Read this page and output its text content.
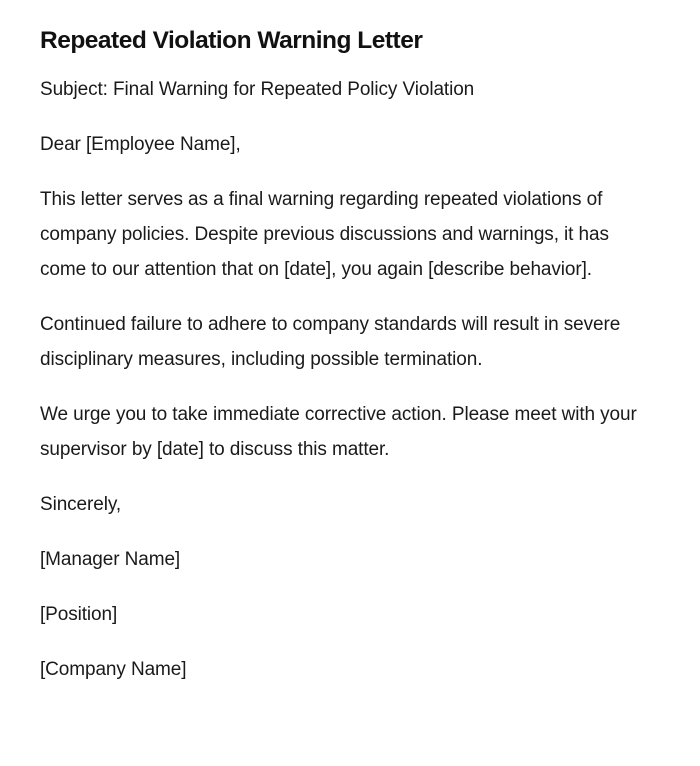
Repeated Violation Warning Letter

Subject: Final Warning for Repeated Policy Violation

Dear [Employee Name],

This letter serves as a final warning regarding repeated violations of company policies. Despite previous discussions and warnings, it has come to our attention that on [date], you again [describe behavior].

Continued failure to adhere to company standards will result in severe disciplinary measures, including possible termination.

We urge you to take immediate corrective action. Please meet with your supervisor by [date] to discuss this matter.

Sincerely,

[Manager Name]

[Position]

[Company Name]
